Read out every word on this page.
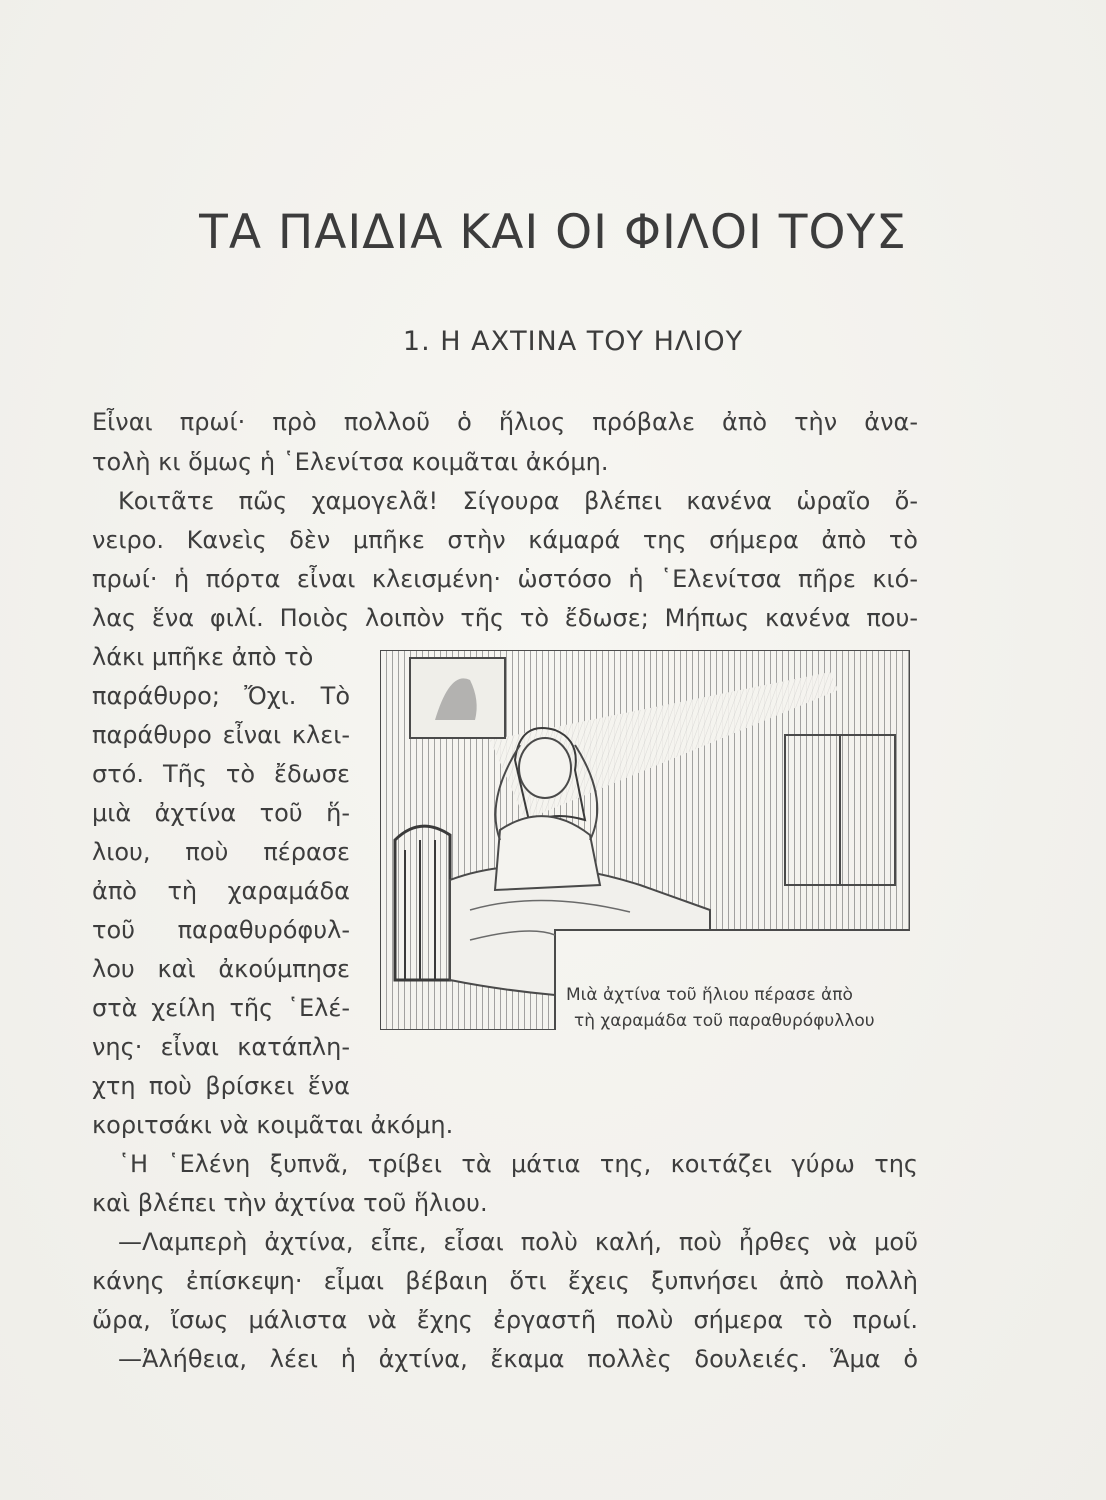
ΤΑ ΠΑΙΔΙΑ ΚΑΙ ΟΙ ΦΙΛΟΙ ΤΟΥΣ
1. Η ΑΧΤΙΝΑ ΤΟΥ ΗΛΙΟΥ
Εἶναι πρωί· πρὸ πολλοῦ ὁ ἥλιος πρόβαλε ἀπὸ τὴν ἀνα-
τολὴ κι ὅμως ἡ ῾Ελενίτσα κοιμᾶται ἀκόμη.
Κοιτᾶτε πῶς χαμογελᾶ! Σίγουρα βλέπει κανένα ὡραῖο ὄ-
νειρο. Κανεὶς δὲν μπῆκε στὴν κάμαρά της σήμερα ἀπὸ τὸ
πρωί· ἡ πόρτα εἶναι κλεισμένη· ὡστόσο ἡ ῾Ελενίτσα πῆρε κιό-
λας ἕνα φιλί. Ποιὸς λοιπὸν τῆς τὸ ἔδωσε; Μήπως κανένα που-
λάκι μπῆκε ἀπὸ τὸ
παράθυρο; Ὄχι. Τὸ
παράθυρο εἶναι κλει-
στό. Τῆς τὸ ἔδωσε
μιὰ ἀχτίνα τοῦ ἥ-
λιου, ποὺ πέρασε
ἀπὸ τὴ χαραμάδα
τοῦ παραθυρόφυλ-
λου καὶ ἀκούμπησε
στὰ χείλη τῆς ῾Ελέ-
νης· εἶναι κατάπλη-
χτη ποὺ βρίσκει ἕνα
κοριτσάκι νὰ κοιμᾶται ἀκόμη.
῾Η ῾Ελένη ξυπνᾶ, τρίβει τὰ μάτια της, κοιτάζει γύρω της
καὶ βλέπει τὴν ἀχτίνα τοῦ ἥλιου.
—Λαμπερὴ ἀχτίνα, εἶπε, εἶσαι πολὺ καλή, ποὺ ἦρθες νὰ μοῦ
κάνης ἐπίσκεψη· εἶμαι βέβαιη ὅτι ἔχεις ξυπνήσει ἀπὸ πολλὴ
ὥρα, ἴσως μάλιστα νὰ ἔχης ἐργαστῆ πολὺ σήμερα τὸ πρωί.
—Ἀλήθεια, λέει ἡ ἀχτίνα, ἔκαμα πολλὲς δουλειές. Ἅμα ὁ
Μιὰ ἀχτίνα τοῦ ἥλιου πέρασε ἀπὸ
τὴ χαραμάδα τοῦ παραθυρόφυλλου
